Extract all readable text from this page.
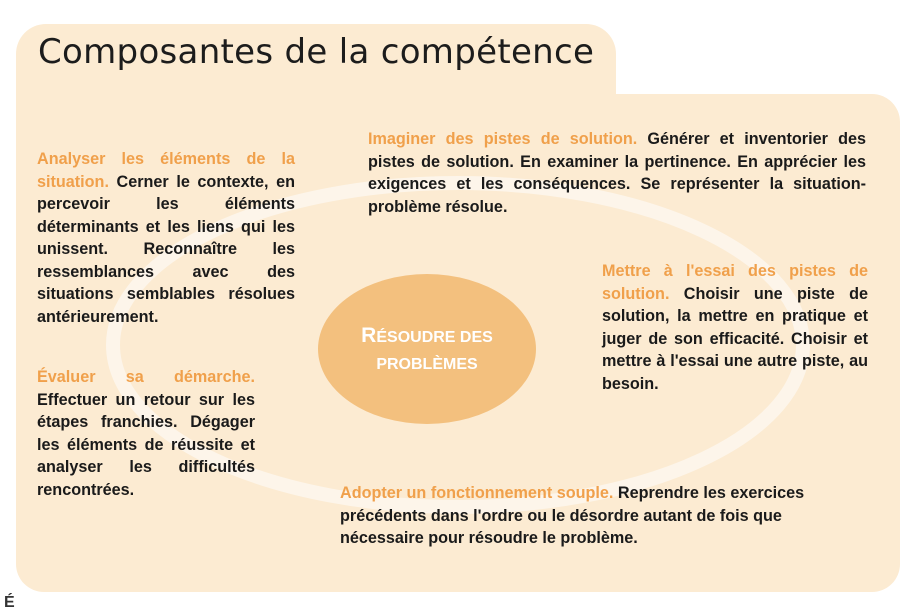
Composantes de la compétence
RÉSOUDRE DES
PROBLÈMES

Analyser les éléments de la situation. Cerner le contexte, en percevoir les éléments déterminants et les liens qui les unissent. Reconnaître les ressemblances avec des situations semblables résolues antérieurement.

Imaginer des pistes de solution. Générer et inventorier des pistes de solution. En examiner la pertinence. En apprécier les exigences et les conséquences. Se représenter la situation-problème résolue.

Mettre à l'essai des pistes de solution. Choisir une piste de solution, la mettre en pratique et juger de son efficacité. Choisir et mettre à l'essai une autre piste, au besoin.

Évaluer sa démarche. Effectuer un retour sur les étapes franchies. Dégager les éléments de réussite et analyser les difficultés rencontrées.	Adopter un fonctionnement souple. Reprendre les exercices précédents dans l'ordre ou le désordre autant de fois que nécessaire pour résoudre le problème.

É
